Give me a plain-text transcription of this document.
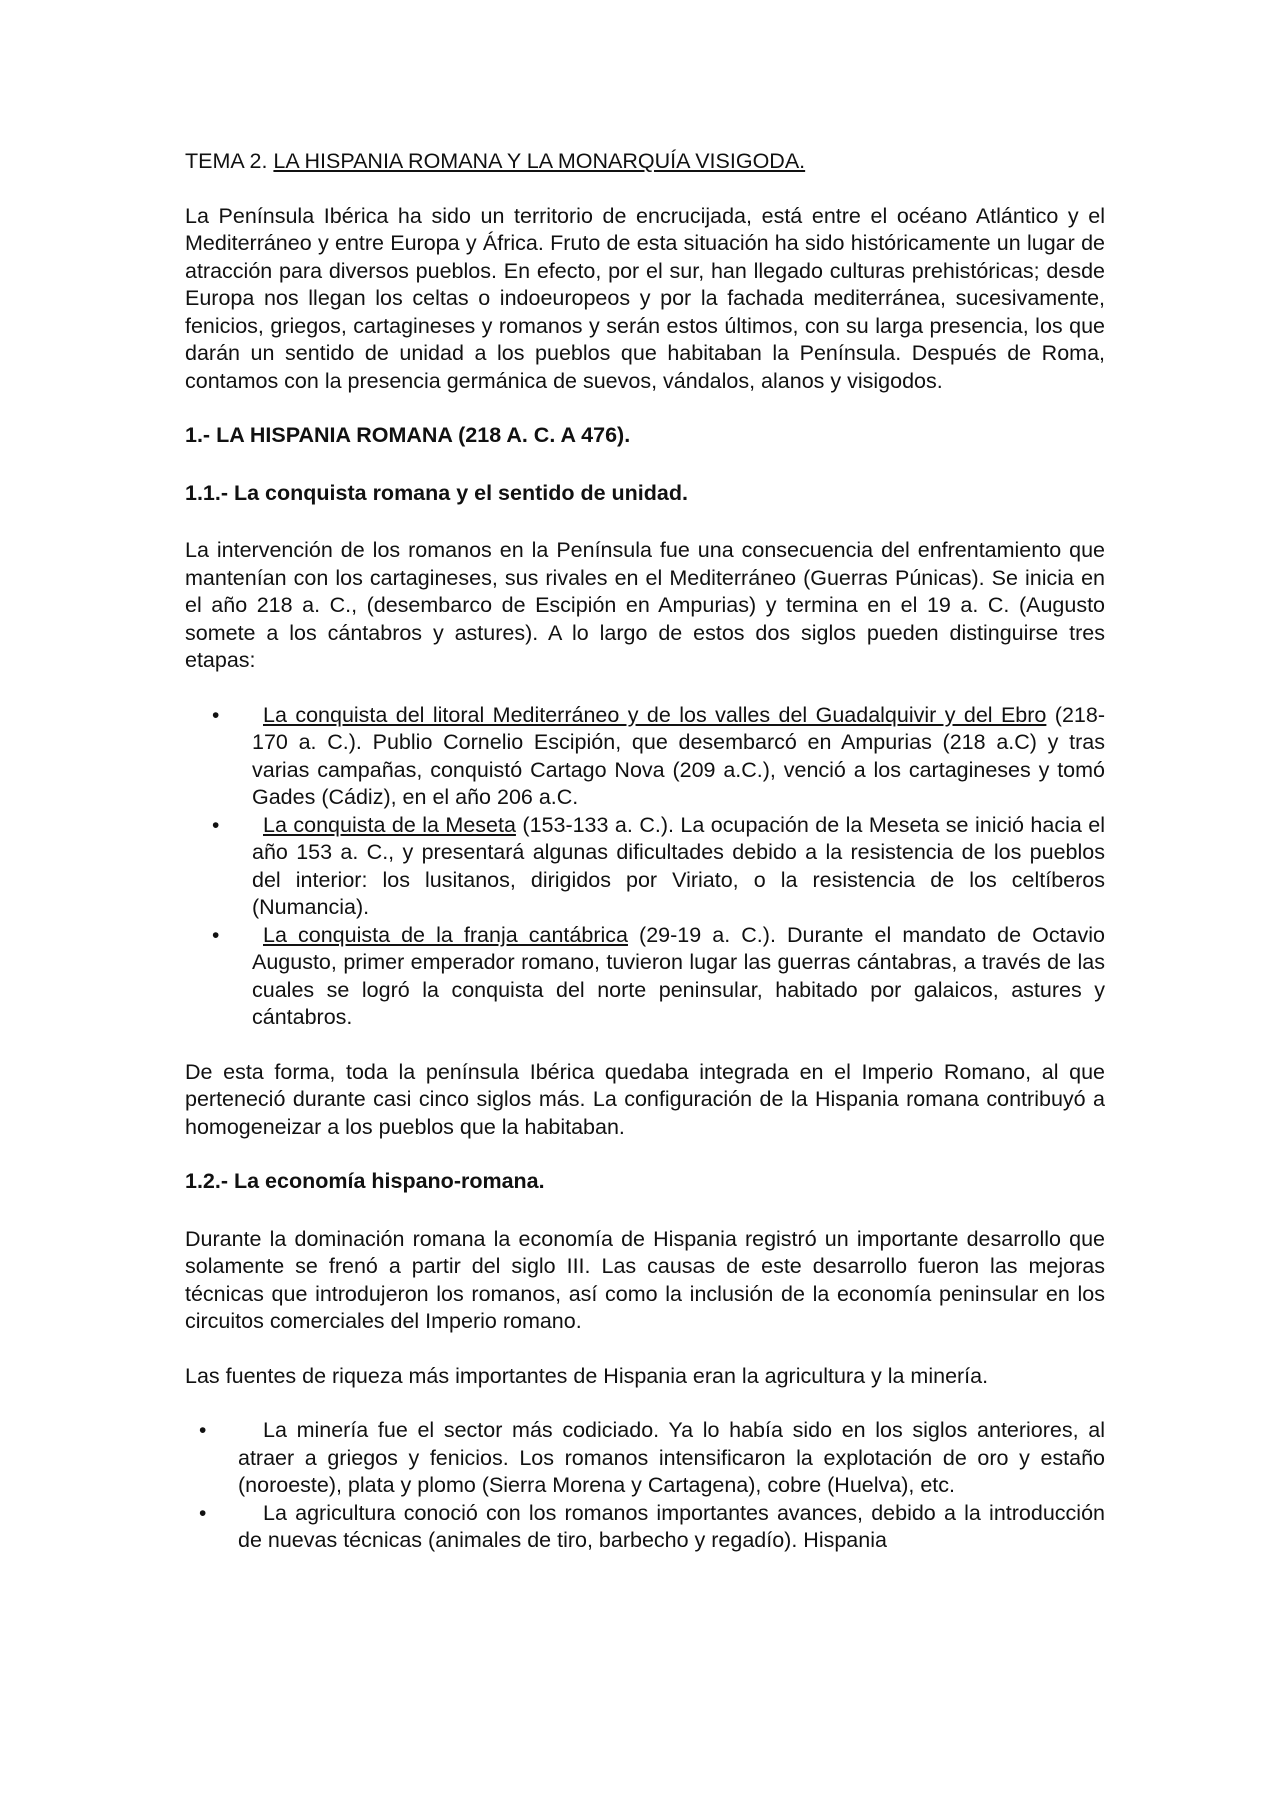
TEMA 2. LA HISPANIA ROMANA Y LA MONARQUÍA VISIGODA.

La Península Ibérica ha sido un territorio de encrucijada, está entre el océano Atlántico y el Mediterráneo y entre Europa y África. Fruto de esta situación ha sido históricamente un lugar de atracción para diversos pueblos. En efecto, por el sur, han llegado culturas prehistóricas; desde Europa nos llegan los celtas o indoeuropeos y por la fachada mediterránea, sucesivamente, fenicios, griegos, cartagineses y romanos y serán estos últimos, con su larga presencia, los que darán un sentido de unidad a los pueblos que habitaban la Península. Después de Roma, contamos con la presencia germánica de suevos, vándalos, alanos y visigodos.

1.- LA HISPANIA ROMANA (218 A. C. A 476).

1.1.- La conquista romana y el sentido de unidad.

La intervención de los romanos en la Península fue una consecuencia del enfrentamiento que mantenían con los cartagineses, sus rivales en el Mediterráneo (Guerras Púnicas). Se inicia en el año 218 a. C., (desembarco de Escipión en Ampurias) y termina en el 19 a. C. (Augusto somete a los cántabros y astures). A lo largo de estos dos siglos pueden distinguirse tres etapas:

• La conquista del litoral Mediterráneo y de los valles del Guadalquivir y del Ebro (218-170 a. C.). Publio Cornelio Escipión, que desembarcó en Ampurias (218 a.C) y tras varias campañas, conquistó Cartago Nova (209 a.C.), venció a los cartagineses y tomó Gades (Cádiz), en el año 206 a.C.
• La conquista de la Meseta (153-133 a. C.). La ocupación de la Meseta se inició hacia el año 153 a. C., y presentará algunas dificultades debido a la resistencia de los pueblos del interior: los lusitanos, dirigidos por Viriato, o la resistencia de los celtíberos (Numancia).
• La conquista de la franja cantábrica (29-19 a. C.). Durante el mandato de Octavio Augusto, primer emperador romano, tuvieron lugar las guerras cántabras, a través de las cuales se logró la conquista del norte peninsular, habitado por galaicos, astures y cántabros.

De esta forma, toda la península Ibérica quedaba integrada en el Imperio Romano, al que perteneció durante casi cinco siglos más. La configuración de la Hispania romana contribuyó a homogeneizar a los pueblos que la habitaban.

1.2.- La economía hispano-romana.

Durante la dominación romana la economía de Hispania registró un importante desarrollo que solamente se frenó a partir del siglo III. Las causas de este desarrollo fueron las mejoras técnicas que introdujeron los romanos, así como la inclusión de la economía peninsular en los circuitos comerciales del Imperio romano.

Las fuentes de riqueza más importantes de Hispania eran la agricultura y la minería.

•	La minería fue el sector más codiciado. Ya lo había sido en los siglos anteriores, al atraer a griegos y fenicios. Los romanos intensificaron la explotación de oro y estaño (noroeste), plata y plomo (Sierra Morena y Cartagena), cobre (Huelva), etc.
•	La agricultura conoció con los romanos importantes avances, debido a la introducción de nuevas técnicas (animales de tiro, barbecho y regadío). Hispania
